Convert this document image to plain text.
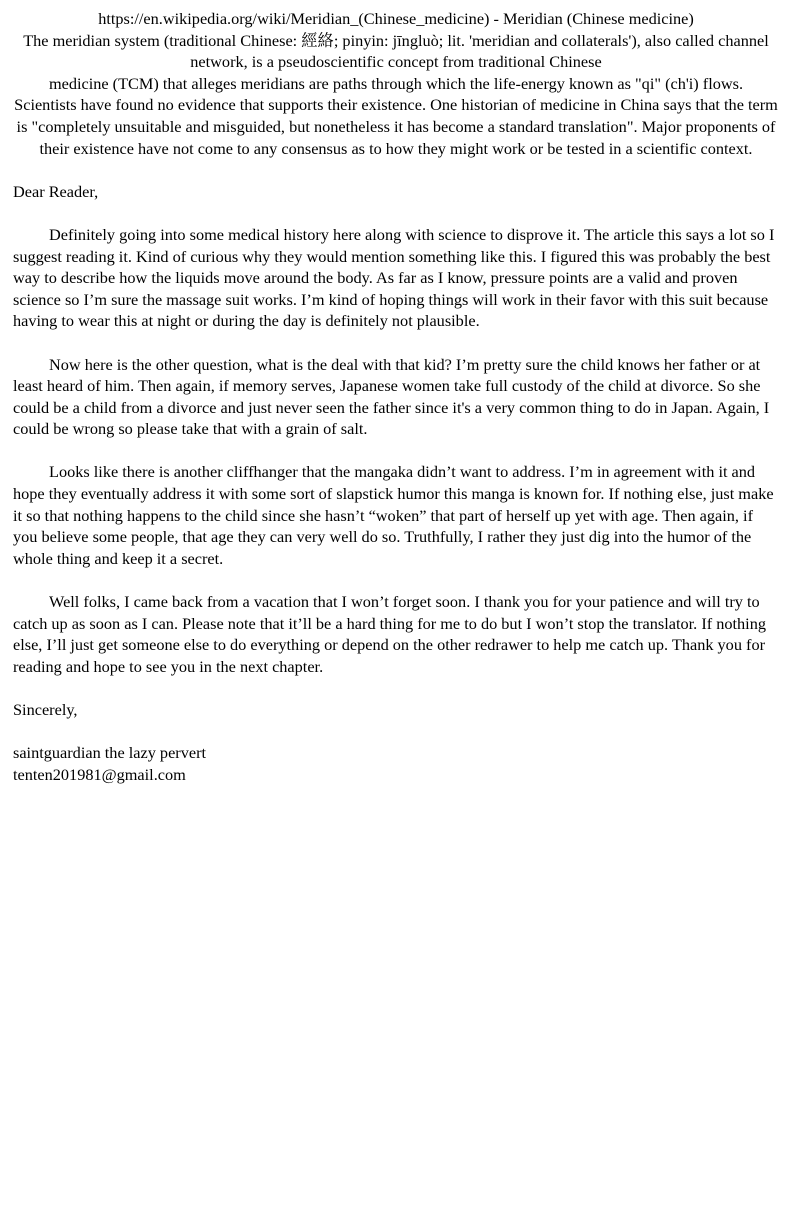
https://en.wikipedia.org/wiki/Meridian_(Chinese_medicine) - Meridian (Chinese medicine)

The meridian system (traditional Chinese: 經絡; pinyin: jīngluò; lit. 'meridian and collaterals'), also called channel network, is a pseudoscientific concept from traditional Chinese

medicine (TCM) that alleges meridians are paths through which the life-energy known as "qi" (ch'i) flows.

Scientists have found no evidence that supports their existence. One historian of medicine in China says that the term is "completely unsuitable and misguided, but nonetheless it has become a standard translation". Major proponents of their existence have not come to any consensus as to how they might work or be tested in a scientific context.

Dear Reader,

Definitely going into some medical history here along with science to disprove it. The article this says a lot so I suggest reading it. Kind of curious why they would mention something like this. I figured this was probably the best way to describe how the liquids move around the body. As far as I know, pressure points are a valid and proven science so I’m sure the massage suit works. I’m kind of hoping things will work in their favor with this suit because having to wear this at night or during the day is definitely not plausible.

Now here is the other question, what is the deal with that kid? I’m pretty sure the child knows her father or at least heard of him. Then again, if memory serves, Japanese women take full custody of the child at divorce. So she could be a child from a divorce and just never seen the father since it's a very common thing to do in Japan. Again, I could be wrong so please take that with a grain of salt.

Looks like there is another cliffhanger that the mangaka didn’t want to address. I’m in agreement with it and hope they eventually address it with some sort of slapstick humor this manga is known for. If nothing else, just make it so that nothing happens to the child since she hasn’t “woken” that part of herself up yet with age. Then again, if you believe some people, that age they can very well do so. Truthfully, I rather they just dig into the humor of the whole thing and keep it a secret.

Well folks, I came back from a vacation that I won’t forget soon. I thank you for your patience and will try to catch up as soon as I can. Please note that it’ll be a hard thing for me to do but I won’t stop the translator. If nothing else, I’ll just get someone else to do everything or depend on the other redrawer to help me catch up. Thank you for reading and hope to see you in the next chapter.

Sincerely,

saintguardian the lazy pervert

tenten201981@gmail.com
